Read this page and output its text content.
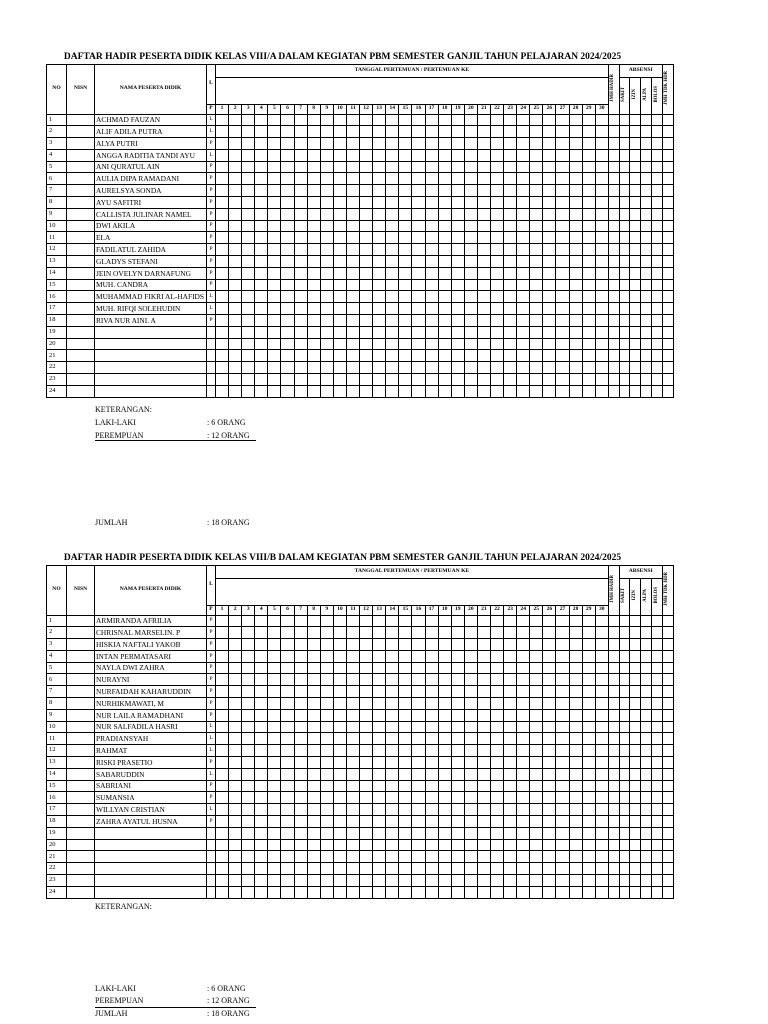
DAFTAR HADIR PESERTA DIDIK KELAS VIII/A DALAM KEGIATAN PBM SEMESTER GANJIL TAHUN PELAJARAN 2024/2025
NO	NISN	NAMA PESERTA DIDIK	L	TANGGAL PERTEMUAN / PERTEMUAN KE																														JMH HADIR	ABSENSI				JMH TDK HDR
																																			SAKIT	IZIN	ALPA	BOLOS	
			P	1	2	3	4	5	6	7	8	9	10	11	12	13	14	15	16	17	18	19	20	21	22	23	24	25	26	27	28	29	30						
1		ACHMAD FAUZAN	L																																				
2		ALIF ADILA PUTRA	L																																				
3		ALYA PUTRI	P																																				
4		ANGGA RADITIA TANDI AYU	L																																				
5		ANI QURATUL AIN	P																																				
6		AULIA DIPA RAMADANI	P																																				
7		AURELSYA SONDA	P																																				
8		AYU SAFITRI	P																																				
9		CALLISTA JULINAR NAMEL	P																																				
10		DWI AKILA	P																																				
11		ELA	P																																				
12		FADILATUL ZAHIDA	P																																				
13		GLADYS STEFANI	P																																				
14		JEIN OVELYN DARNAFUNG	P																																				
15		MUH. CANDRA	P																																				
16		MUHAMMAD FIKRI AL-HAFIDS	L																																				
17		MUH. RIFQI SOLEHUDIN	L																																				
18		RIVA NUR AINI. A	P																																				
19																																							
20																																							
21																																							
22																																							
23																																							
24																																							
KETERANGAN:
LAKI-LAKI	: 6 ORANG
PEREMPUAN	: 12 ORANG
JUMLAH	: 18 ORANG
DAFTAR HADIR PESERTA DIDIK KELAS VIII/B DALAM KEGIATAN PBM SEMESTER GANJIL TAHUN PELAJARAN 2024/2025
NO	NISN	NAMA PESERTA DIDIK	L	TANGGAL PERTEMUAN / PERTEMUAN KE																														JMH HADIR	ABSENSI				JMH TDK HDR
																																			SAKIT	IZIN	ALPA	BOLOS	
			P	1	2	3	4	5	6	7	8	9	10	11	12	13	14	15	16	17	18	19	20	21	22	23	24	25	26	27	28	29	30						
1		ARMIRANDA AFRILIA	P																																				
2		CHRISNAL MARSELIN. P	P																																				
3		HISKIA NAFTALI YAKOB	P																																				
4		INTAN PERMATASARI	P																																				
5		NAYLA DWI ZAHRA	P																																				
6		NURAYNI	P																																				
7		NURFAIDAH KAHARUDDIN	P																																				
8		NURHIKMAWATI, M	P																																				
9		NUR LAILA RAMADHANI	P																																				
10		NUR SALFADILA HASRI	L																																				
11		PRADIANSYAH	L																																				
12		RAHMAT	L																																				
13		RISKI PRASETIO	P																																				
14		SABARUDDIN	L																																				
15		SABRIANI	P																																				
16		SUMANSIA	P																																				
17		WILLYAN CRISTIAN	L																																				
18		ZAHRA AYATUL HUSNA	P																																				
19																																							
20																																							
21																																							
22																																							
23																																							
24																																							
KETERANGAN:
LAKI-LAKI	: 6 ORANG
PEREMPUAN	: 12 ORANG
JUMLAH	: 18 ORANG
